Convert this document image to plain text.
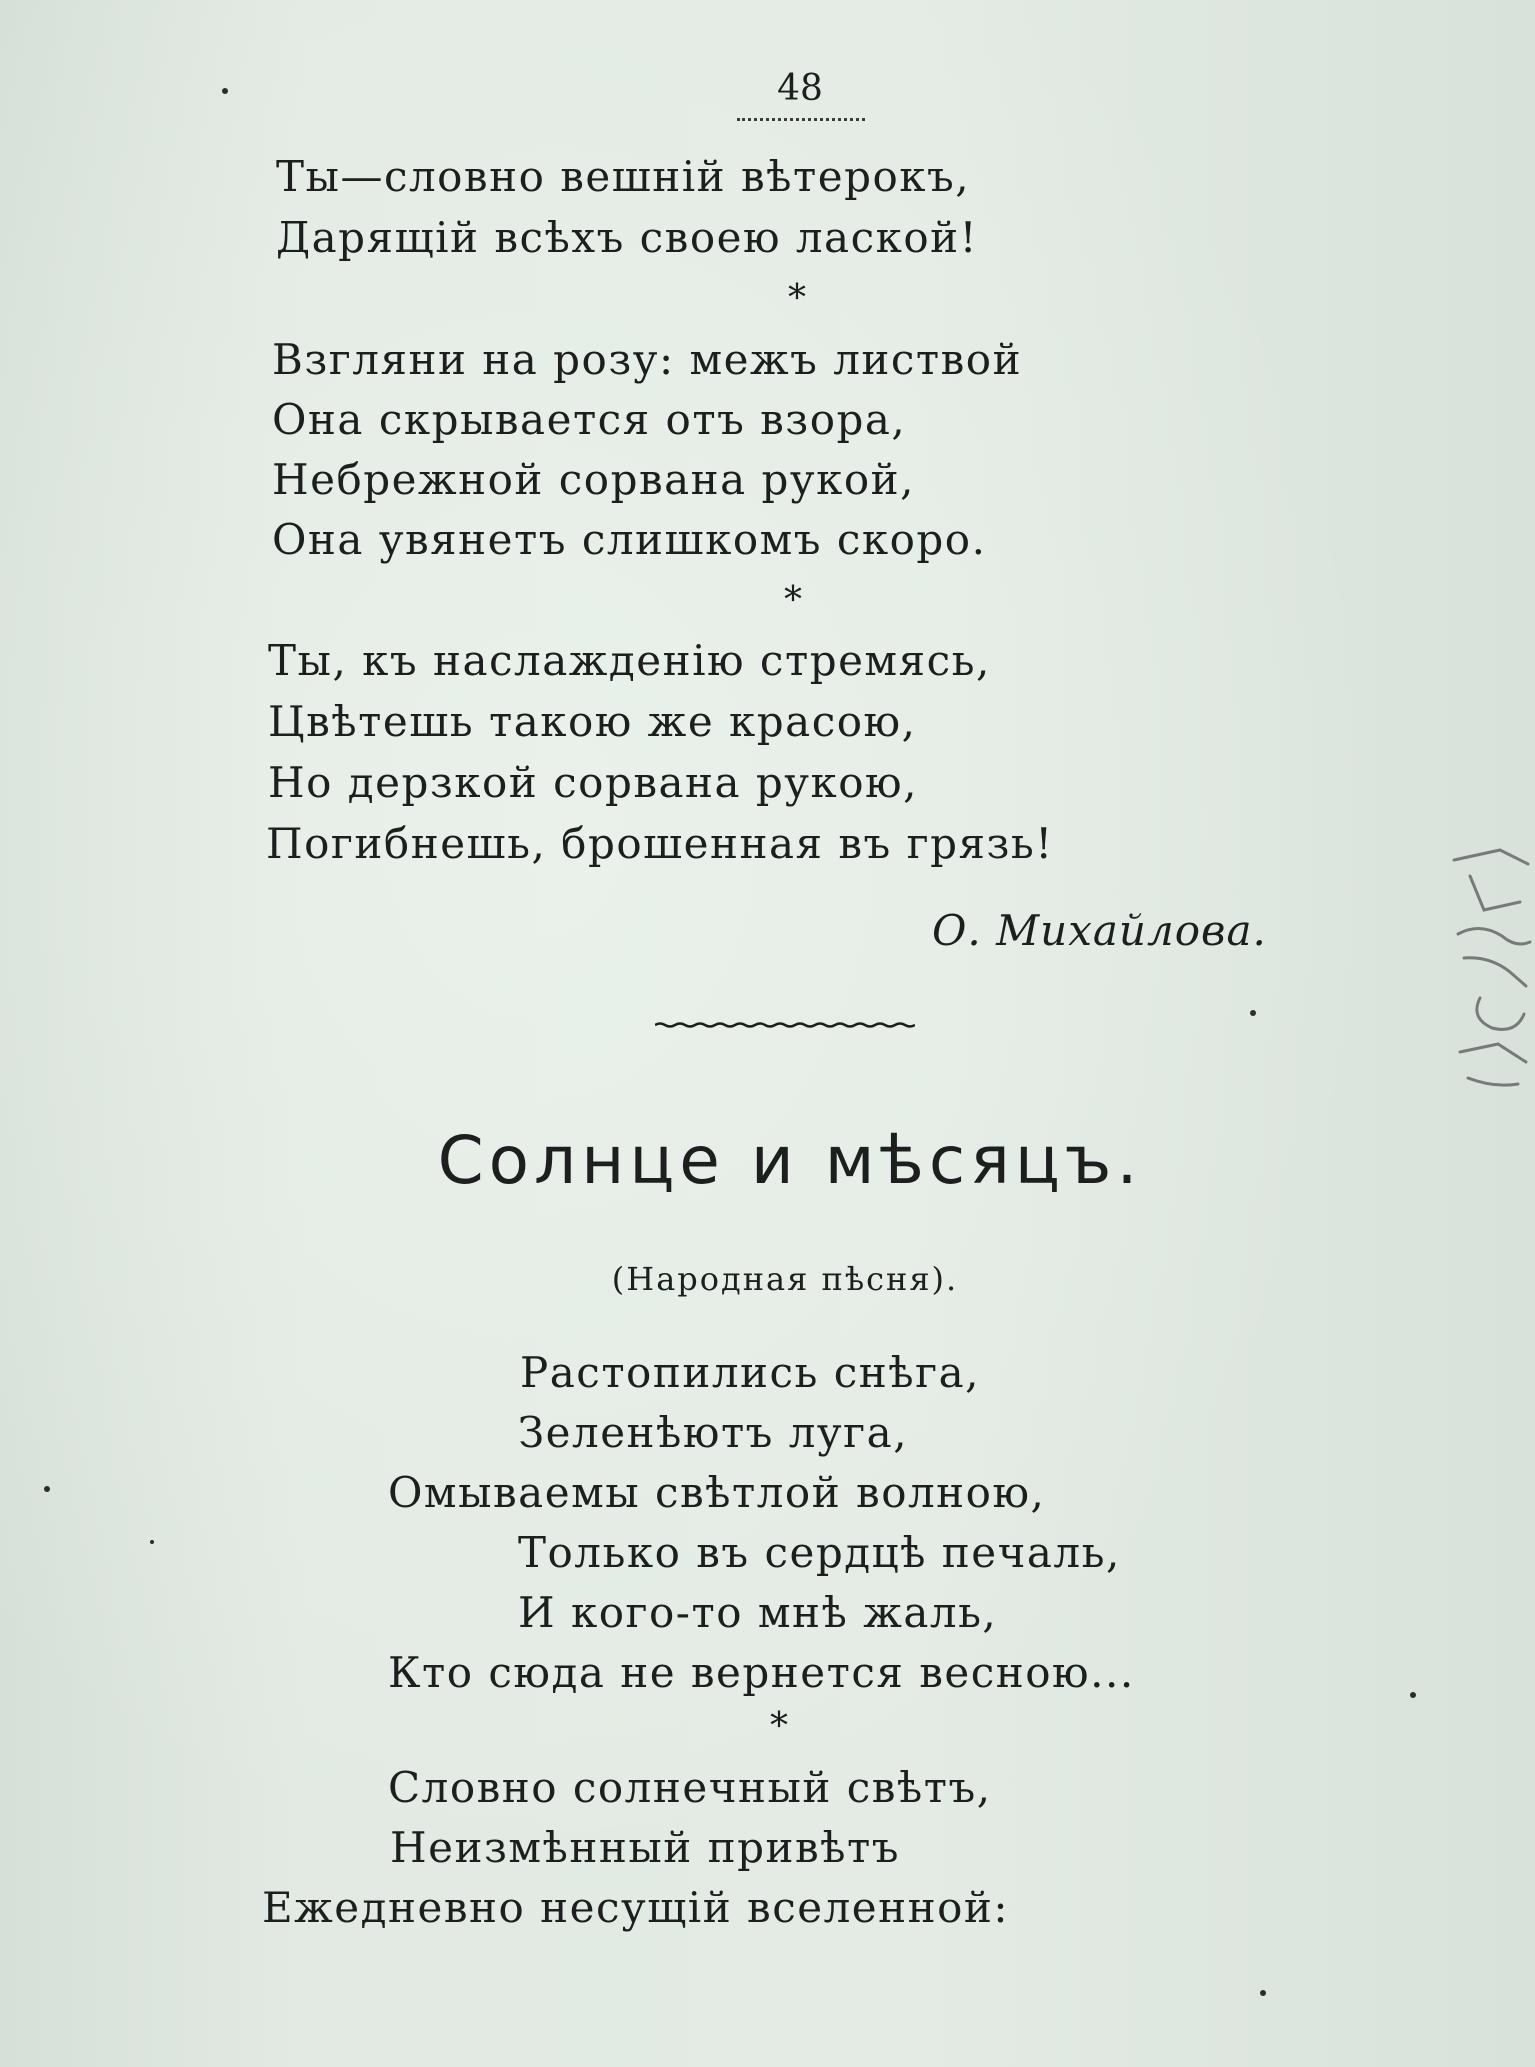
48
Ты—словно вешній вѣтерокъ,
Дарящій всѣхъ своею лаской!
*
Взгляни на розу: межъ листвой
Она скрывается отъ взора,
Небрежной сорвана рукой,
Она увянетъ слишкомъ скоро.
*
Ты, къ наслажденію стремясь,
Цвѣтешь такою же красою,
Но дерзкой сорвана рукою,
Погибнешь, брошенная въ грязь!
О. Михайлова.
Солнце и мѣсяцъ.
(Народная пѣсня).
Растопились снѣга,
Зеленѣютъ луга,
Омываемы свѣтлой волною,
Только въ сердцѣ печаль,
И кого-то мнѣ жаль,
Кто сюда не вернется весною...
*
Словно солнечный свѣтъ,
Неизмѣнный привѣтъ
Ежедневно несущій вселенной:
